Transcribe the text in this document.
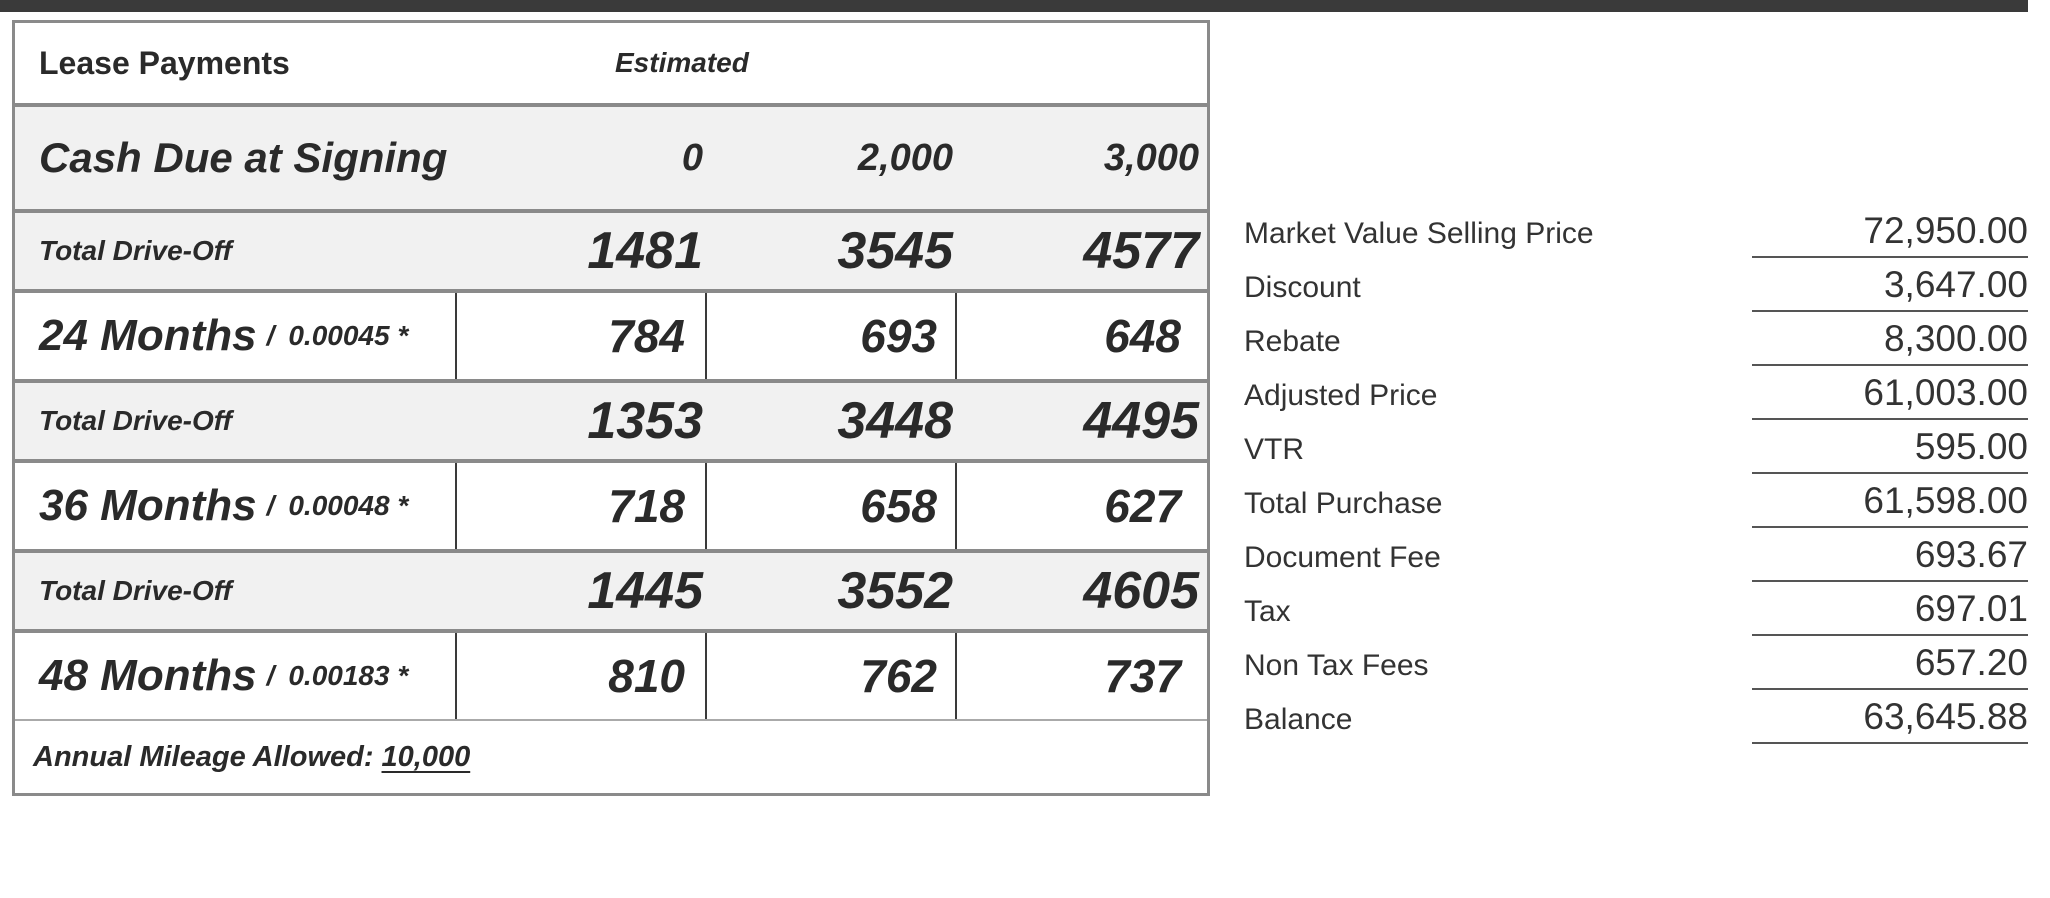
Lease Payments	Estimated
Cash Due at Signing	0	2,000	3,000
Total Drive-Off	1481	3545	4577
24 Months / 0.00045 *	784	693	648
Total Drive-Off	1353	3448	4495
36 Months / 0.00048 *	718	658	627
Total Drive-Off	1445	3552	4605
48 Months / 0.00183 *	810	762	737
Annual Mileage Allowed: 10,000
Market Value Selling Price	72,950.00
Discount	3,647.00
Rebate	8,300.00
Adjusted Price	61,003.00
VTR	595.00
Total Purchase	61,598.00
Document Fee	693.67
Tax	697.01
Non Tax Fees	657.20
Balance	63,645.88
